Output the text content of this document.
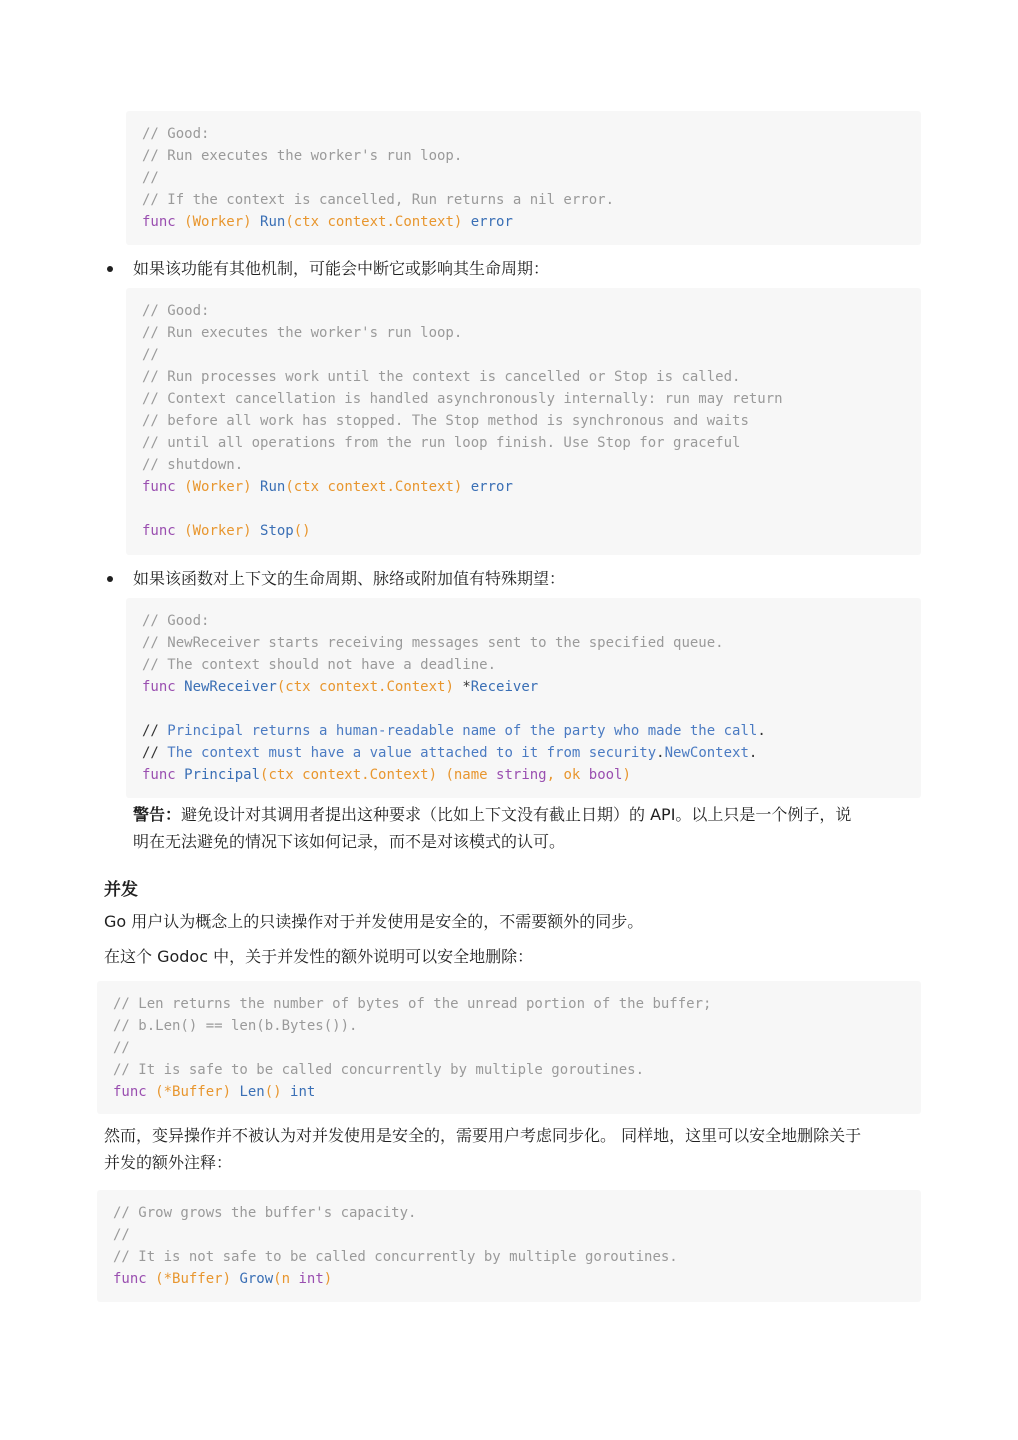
// Good:
// Run executes the worker's run loop.
//
// If the context is cancelled, Run returns a nil error.
func (Worker) Run(ctx context.Context) error
如果该功能有其他机制，可能会中断它或影响其生命周期：
// Good:
// Run executes the worker's run loop.
//
// Run processes work until the context is cancelled or Stop is called.
// Context cancellation is handled asynchronously internally: run may return
// before all work has stopped. The Stop method is synchronous and waits
// until all operations from the run loop finish. Use Stop for graceful
// shutdown.
func (Worker) Run(ctx context.Context) error
func (Worker) Stop()
如果该函数对上下文的生命周期、脉络或附加值有特殊期望：
// Good:
// NewReceiver starts receiving messages sent to the specified queue.
// The context should not have a deadline.
func NewReceiver(ctx context.Context) *Receiver
// Principal returns a human-readable name of the party who made the call.
// The context must have a value attached to it from security.NewContext.
func Principal(ctx context.Context) (name string, ok bool)
警告：避免设计对其调用者提出这种要求（比如上下文没有截止日期）的 API。以上只是一个例子，说
明在无法避免的情况下该如何记录，而不是对该模式的认可。
并发
Go 用户认为概念上的只读操作对于并发使用是安全的，不需要额外的同步。
在这个 Godoc 中，关于并发性的额外说明可以安全地删除：
// Len returns the number of bytes of the unread portion of the buffer;
// b.Len() == len(b.Bytes()).
//
// It is safe to be called concurrently by multiple goroutines.
func (*Buffer) Len() int
然而，变异操作并不被认为对并发使用是安全的，需要用户考虑同步化。 同样地，这里可以安全地删除关于
并发的额外注释：
// Grow grows the buffer's capacity.
//
// It is not safe to be called concurrently by multiple goroutines.
func (*Buffer) Grow(n int)
